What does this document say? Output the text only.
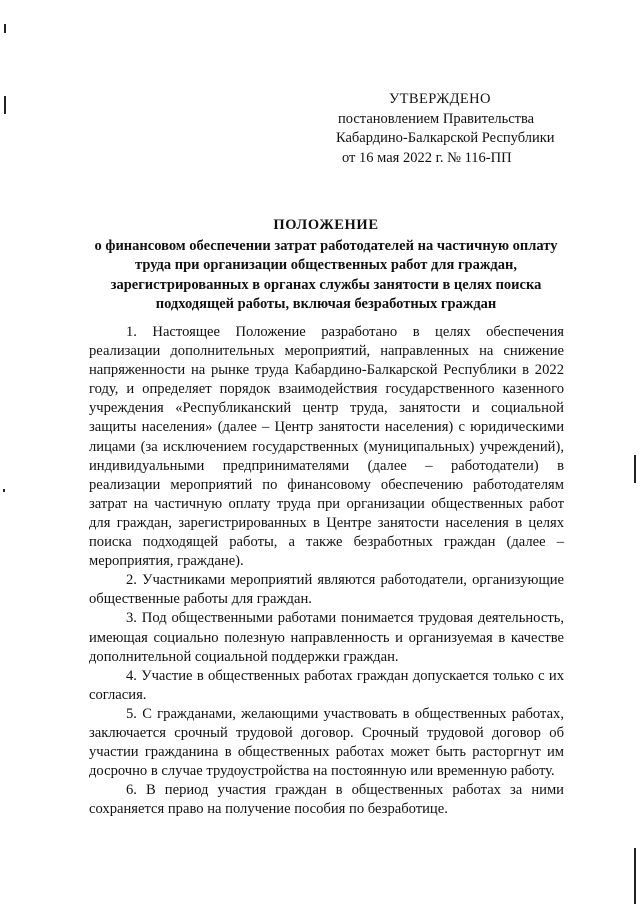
УТВЕРЖДЕНО
постановлением Правительства
Кабардино-Балкарской Республики
от 16 мая 2022 г. № 116-ПП
ПОЛОЖЕНИЕ
о финансовом обеспечении затрат работодателей на частичную оплату труда при организации общественных работ для граждан, зарегистрированных в органах службы занятости в целях поиска подходящей работы, включая безработных граждан

1. Настоящее Положение разработано в целях обеспечения реализации дополнительных мероприятий, направленных на снижение напряженности на рынке труда Кабардино-Балкарской Республики в 2022 году, и определяет порядок взаимодействия государственного казенного учреждения «Республиканский центр труда, занятости и социальной защиты населения» (далее – Центр занятости населения) с юридическими лицами (за исключением государственных (муниципальных) учреждений), индивидуальными предпринимателями (далее – работодатели) в реализации мероприятий по финансовому обеспечению работодателям затрат на частичную оплату труда при организации общественных работ для граждан, зарегистрированных в Центре занятости населения в целях поиска подходящей работы, а также безработных граждан (далее – мероприятия, граждане).

2. Участниками мероприятий являются работодатели, организующие общественные работы для граждан.

3. Под общественными работами понимается трудовая деятельность, имеющая социально полезную направленность и организуемая в качестве дополнительной социальной поддержки граждан.

4. Участие в общественных работах граждан допускается только с их согласия.

5. С гражданами, желающими участвовать в общественных работах, заключается срочный трудовой договор. Срочный трудовой договор об участии гражданина в общественных работах может быть расторгнут им досрочно в случае трудоустройства на постоянную или временную работу.

6. В период участия граждан в общественных работах за ними сохраняется право на получение пособия по безработице.
